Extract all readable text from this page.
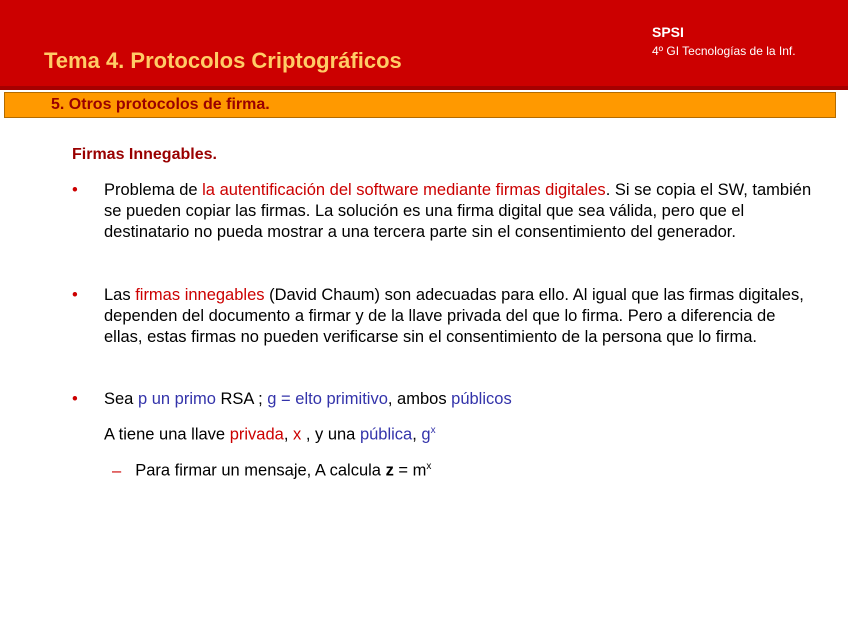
Tema 4. Protocolos Criptográficos
SPSI
4º GI Tecnologías de la Inf.
5. Otros protocolos de firma.
Firmas Innegables.
• Problema de la autentificación del software mediante firmas digitales. Si se copia el SW, también se pueden copiar las firmas. La solución es una firma digital que sea válida, pero que el destinatario no pueda mostrar a una tercera parte sin el consentimiento del generador.
• Las firmas innegables (David Chaum) son adecuadas para ello. Al igual que las firmas digitales, dependen del documento a firmar y de la llave privada del que lo firma. Pero a diferencia de ellas, estas firmas no pueden verificarse sin el consentimiento de la persona que lo firma.
• Sea p un primo RSA ; g = elto primitivo, ambos públicos
A tiene una llave privada, x , y una pública, $g^x$
– Para firmar un mensaje, A calcula $z = m^x$
